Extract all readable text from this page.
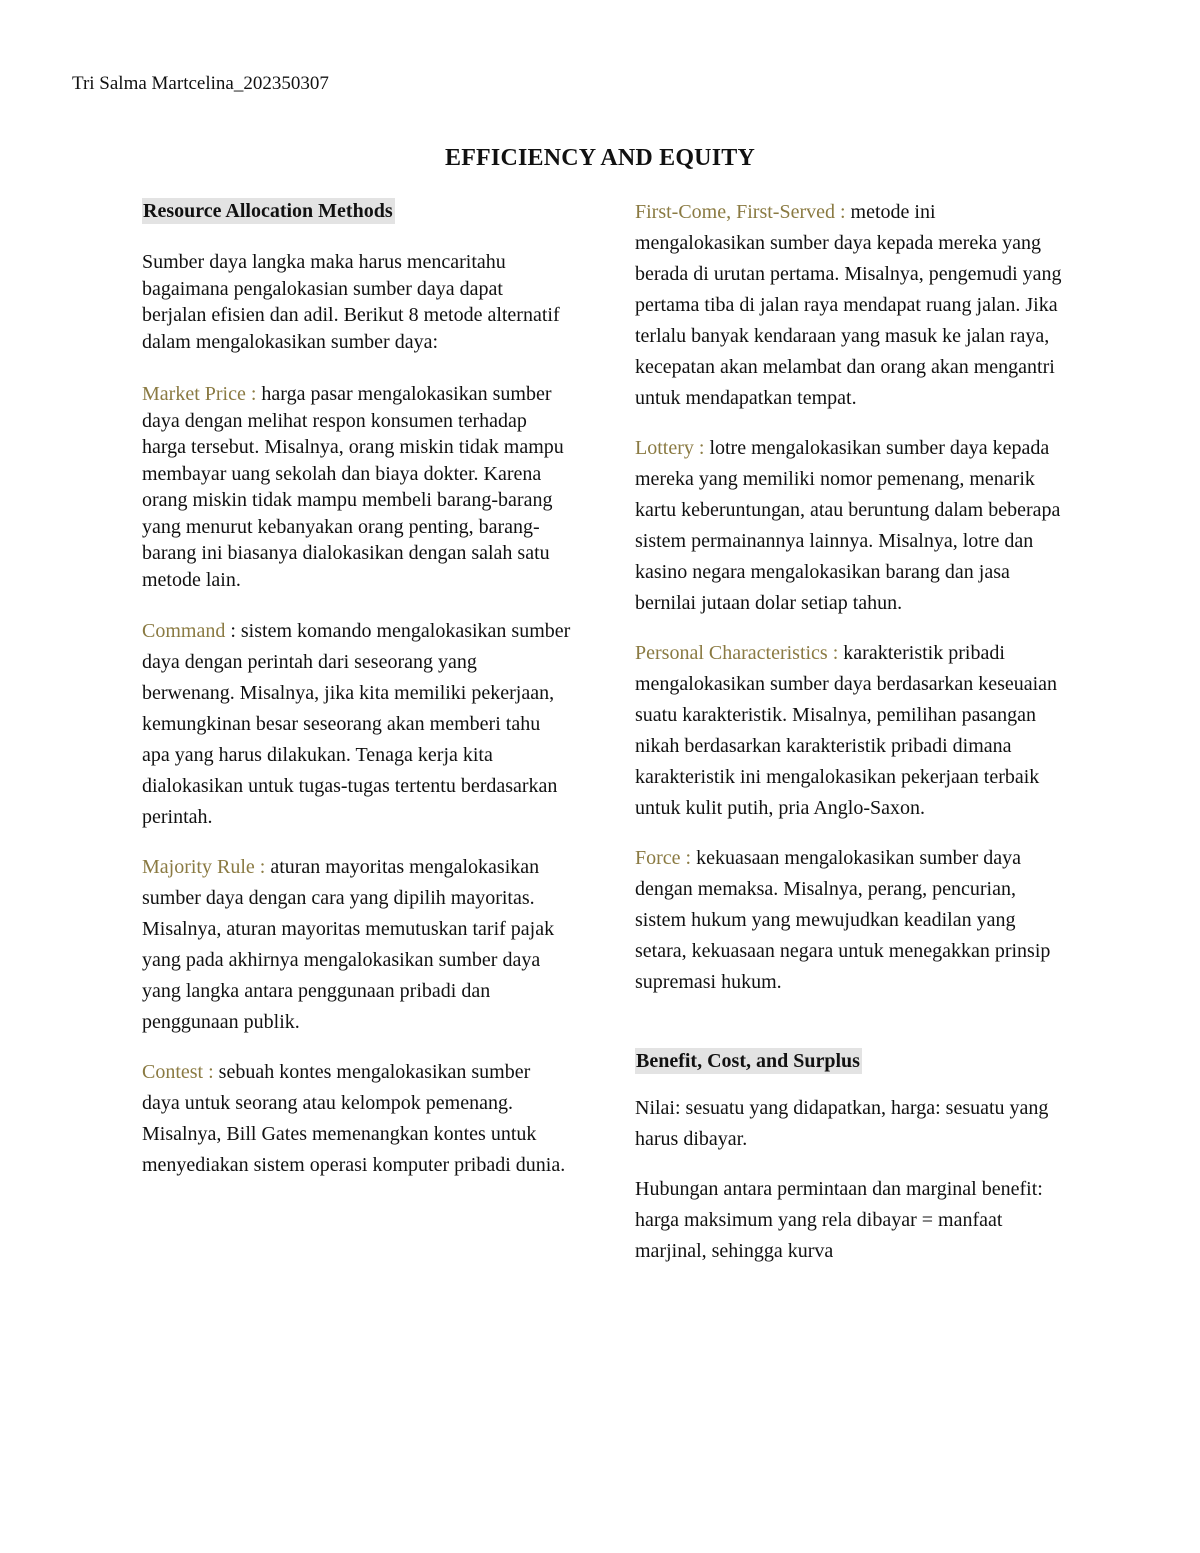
Tri Salma Martcelina_202350307
EFFICIENCY AND EQUITY
Resource Allocation Methods

Sumber daya langka maka harus mencaritahu bagaimana pengalokasian sumber daya dapat berjalan efisien dan adil. Berikut 8 metode alternatif dalam mengalokasikan sumber daya:

Market Price : harga pasar mengalokasikan sumber daya dengan melihat respon konsumen terhadap harga tersebut. Misalnya, orang miskin tidak mampu membayar uang sekolah dan biaya dokter. Karena orang miskin tidak mampu membeli barang-barang yang menurut kebanyakan orang penting, barang-barang ini biasanya dialokasikan dengan salah satu metode lain.

Command : sistem komando mengalokasikan sumber daya dengan perintah dari seseorang yang berwenang. Misalnya, jika kita memiliki pekerjaan, kemungkinan besar seseorang akan memberi tahu apa yang harus dilakukan. Tenaga kerja kita dialokasikan untuk tugas-tugas tertentu berdasarkan perintah.

Majority Rule : aturan mayoritas mengalokasikan sumber daya dengan cara yang dipilih mayoritas. Misalnya, aturan mayoritas memutuskan tarif pajak yang pada akhirnya mengalokasikan sumber daya yang langka antara penggunaan pribadi dan penggunaan publik.

Contest : sebuah kontes mengalokasikan sumber daya untuk seorang atau kelompok pemenang. Misalnya, Bill Gates memenangkan kontes untuk menyediakan sistem operasi komputer pribadi dunia.

First-Come, First-Served : metode ini mengalokasikan sumber daya kepada mereka yang berada di urutan pertama. Misalnya, pengemudi yang pertama tiba di jalan raya mendapat ruang jalan. Jika terlalu banyak kendaraan yang masuk ke jalan raya, kecepatan akan melambat dan orang akan mengantri untuk mendapatkan tempat.

Lottery : lotre mengalokasikan sumber daya kepada mereka yang memiliki nomor pemenang, menarik kartu keberuntungan, atau beruntung dalam beberapa sistem permainannya lainnya. Misalnya, lotre dan kasino negara mengalokasikan barang dan jasa bernilai jutaan dolar setiap tahun.

Personal Characteristics : karakteristik pribadi mengalokasikan sumber daya berdasarkan keseuaian suatu karakteristik. Misalnya, pemilihan pasangan nikah berdasarkan karakteristik pribadi dimana karakteristik ini mengalokasikan pekerjaan terbaik untuk kulit putih, pria Anglo-Saxon.

Force : kekuasaan mengalokasikan sumber daya dengan memaksa. Misalnya, perang, pencurian, sistem hukum yang mewujudkan keadilan yang setara, kekuasaan negara untuk menegakkan prinsip supremasi hukum.

Benefit, Cost, and Surplus

Nilai: sesuatu yang didapatkan, harga: sesuatu yang harus dibayar.

Hubungan antara permintaan dan marginal benefit: harga maksimum yang rela dibayar = manfaat marjinal, sehingga kurva
